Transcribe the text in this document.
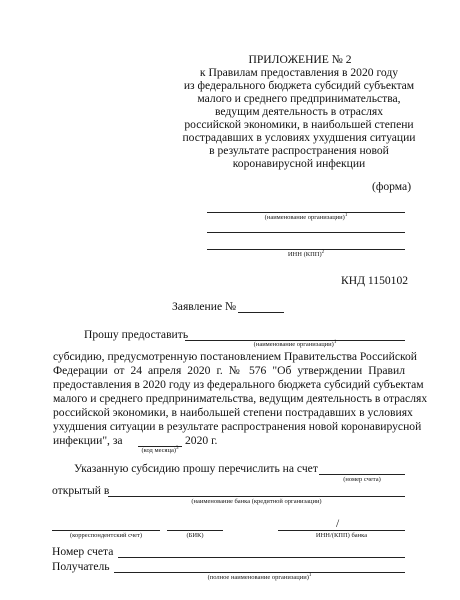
ПРИЛОЖЕНИЕ № 2
к Правилам предоставления в 2020 году
из федерального бюджета субсидий субъектам
малого и среднего предпринимательства,
ведущим деятельность в отраслях
российской экономики, в наибольшей степени
пострадавших в условиях ухудшения ситуации
в результате распространения новой
коронавирусной инфекции
(форма)
(наименование организации)$^1$
ИНН (КПП)$^2$
КНД 1150102
Заявление №
Прошу предоставить
(наименование организации)$^1$
субсидию, предусмотренную постановлением Правительства Российской
Федерации от 24 апреля 2020 г. № 576 "Об утверждении Правил
предоставления в 2020 году из федерального бюджета субсидий субъектам
малого и среднего предпринимательства, ведущим деятельность в отраслях
российской экономики, в наибольшей степени пострадавших в условиях
ухудшения ситуации в результате распространения новой коронавирусной
инфекции", за	2020 г.
(код месяца)$^3$
Указанную субсидию прошу перечислить на счет
(номер счета)
открытый в
(наименование банка (кредитной организации)
/
(корреспондентский счет)	(БИК)	ИНН/(КПП) банка
Номер счета
Получатель
(полное наименование организации)$^1$
